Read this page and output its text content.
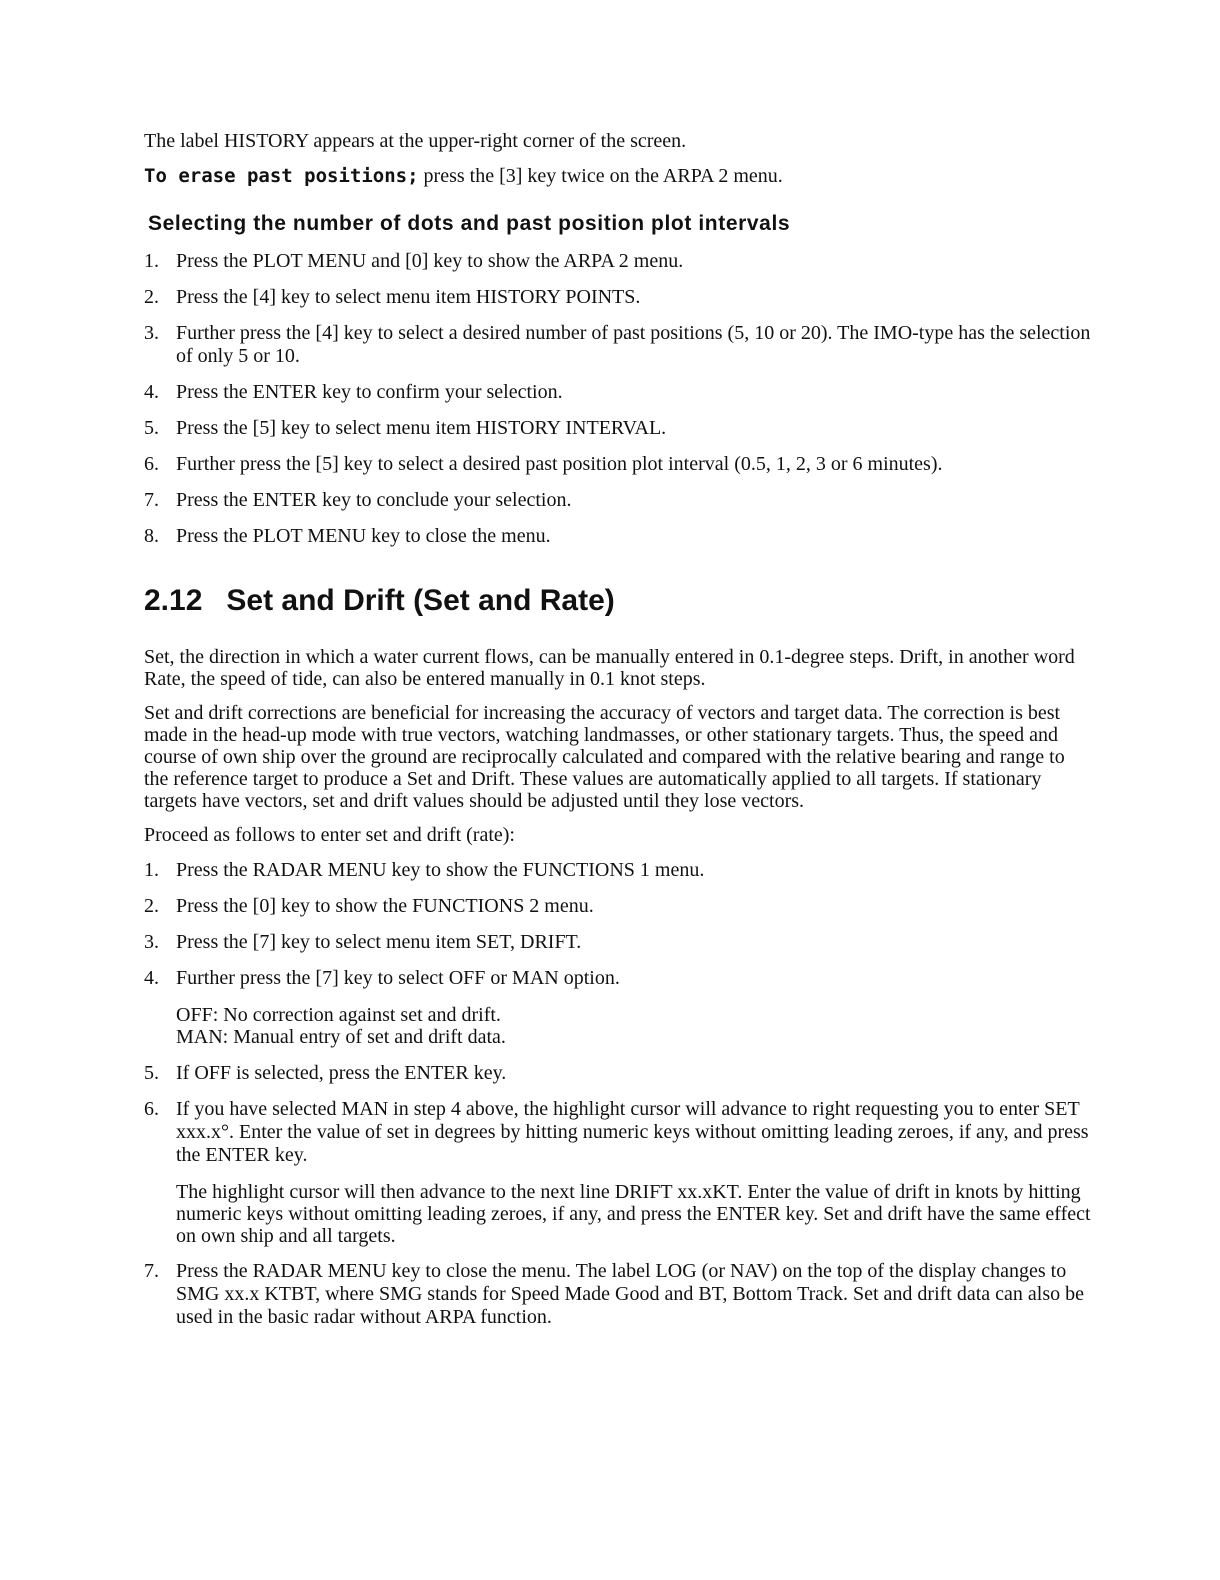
The label HISTORY appears at the upper-right corner of the screen.

To erase past positions; press the [3] key twice on the ARPA 2 menu.

Selecting the number of dots and past position plot intervals
1. Press the PLOT MENU and [0] key to show the ARPA 2 menu.
2. Press the [4] key to select menu item HISTORY POINTS.
3. Further press the [4] key to select a desired number of past positions (5, 10 or 20). The IMO-type has the selection of only 5 or 10.
4. Press the ENTER key to confirm your selection.
5. Press the [5] key to select menu item HISTORY INTERVAL.
6. Further press the [5] key to select a desired past position plot interval (0.5, 1, 2, 3 or 6 minutes).
7. Press the ENTER key to conclude your selection.
8. Press the PLOT MENU key to close the menu.
2.12 Set and Drift (Set and Rate)

Set, the direction in which a water current flows, can be manually entered in 0.1-degree steps. Drift, in another word Rate, the speed of tide, can also be entered manually in 0.1 knot steps.

Set and drift corrections are beneficial for increasing the accuracy of vectors and target data. The correction is best made in the head-up mode with true vectors, watching landmasses, or other stationary targets. Thus, the speed and course of own ship over the ground are reciprocally calculated and compared with the relative bearing and range to the reference target to produce a Set and Drift. These values are automatically applied to all targets. If stationary targets have vectors, set and drift values should be adjusted until they lose vectors.

Proceed as follows to enter set and drift (rate):

1. Press the RADAR MENU key to show the FUNCTIONS 1 menu.
2. Press the [0] key to show the FUNCTIONS 2 menu.
3. Press the [7] key to select menu item SET, DRIFT.
4. Further press the [7] key to select OFF or MAN option.

OFF: No correction against set and drift.

MAN: Manual entry of set and drift data.

5. If OFF is selected, press the ENTER key.
6. If you have selected MAN in step 4 above, the highlight cursor will advance to right requesting you to enter SET xxx.x°. Enter the value of set in degrees by hitting numeric keys without omitting leading zeroes, if any, and press the ENTER key.

The highlight cursor will then advance to the next line DRIFT xx.xKT. Enter the value of drift in knots by hitting numeric keys without omitting leading zeroes, if any, and press the ENTER key. Set and drift have the same effect on own ship and all targets.

7. Press the RADAR MENU key to close the menu. The label LOG (or NAV) on the top of the display changes to SMG xx.x KTBT, where SMG stands for Speed Made Good and BT, Bottom Track. Set and drift data can also be used in the basic radar without ARPA function.
